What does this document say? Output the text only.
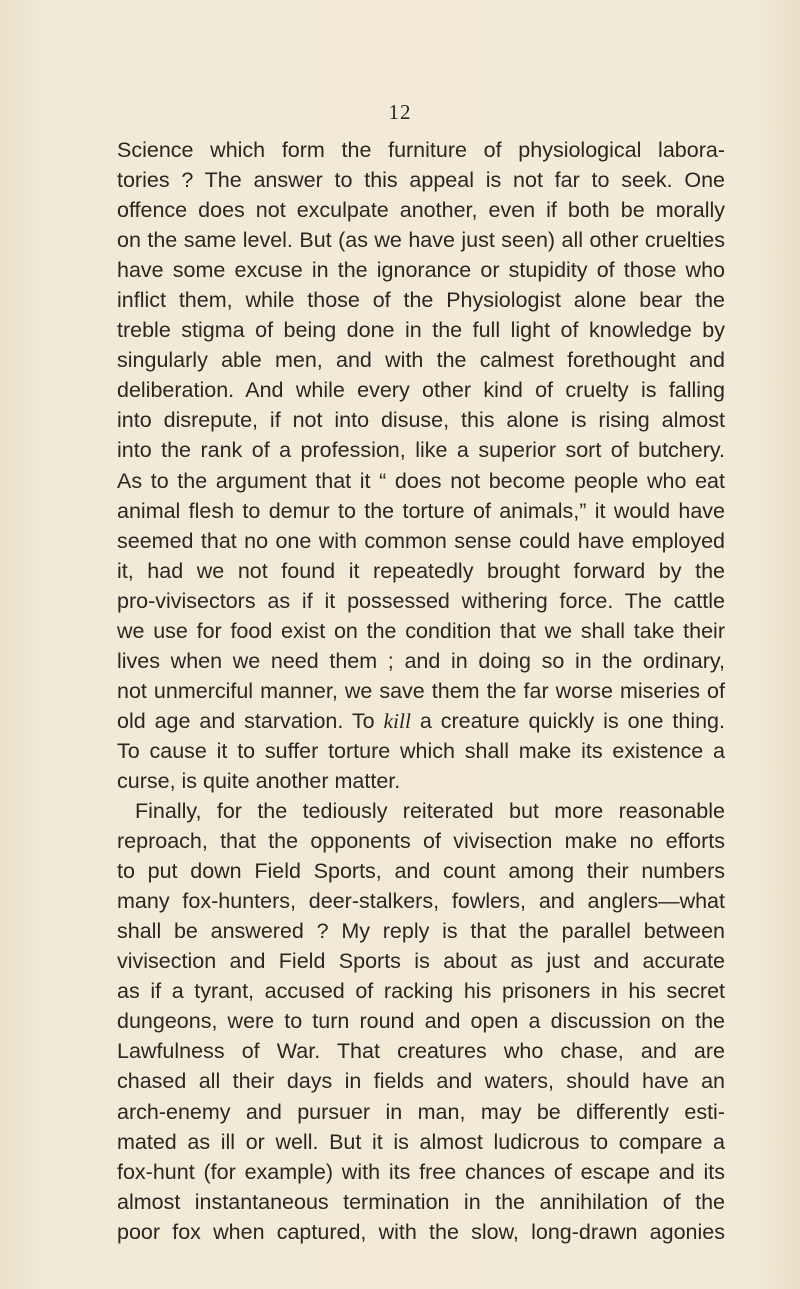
12
Science which form the furniture of physiological labora-
tories ? The answer to this appeal is not far to seek. One
offence does not exculpate another, even if both be morally
on the same level. But (as we have just seen) all other cruelties
have some excuse in the ignorance or stupidity of those who
inflict them, while those of the Physiologist alone bear the
treble stigma of being done in the full light of knowledge by
singularly able men, and with the calmest forethought and
deliberation. And while every other kind of cruelty is falling
into disrepute, if not into disuse, this alone is rising almost
into the rank of a profession, like a superior sort of butchery.
As to the argument that it “ does not become people who eat
animal flesh to demur to the torture of animals,” it would have
seemed that no one with common sense could have employed
it, had we not found it repeatedly brought forward by the
pro-vivisectors as if it possessed withering force. The cattle
we use for food exist on the condition that we shall take their
lives when we need them ; and in doing so in the ordinary,
not unmerciful manner, we save them the far worse miseries of
old age and starvation. To kill a creature quickly is one thing.
To cause it to suffer torture which shall make its existence a
curse, is quite another matter.
Finally, for the tediously reiterated but more reasonable
reproach, that the opponents of vivisection make no efforts
to put down Field Sports, and count among their numbers
many fox-hunters, deer-stalkers, fowlers, and anglers—what
shall be answered ? My reply is that the parallel between
vivisection and Field Sports is about as just and accurate
as if a tyrant, accused of racking his prisoners in his secret
dungeons, were to turn round and open a discussion on the
Lawfulness of War. That creatures who chase, and are
chased all their days in fields and waters, should have an
arch-enemy and pursuer in man, may be differently esti-
mated as ill or well. But it is almost ludicrous to compare a
fox-hunt (for example) with its free chances of escape and its
almost instantaneous termination in the annihilation of the
poor fox when captured, with the slow, long-drawn agonies
